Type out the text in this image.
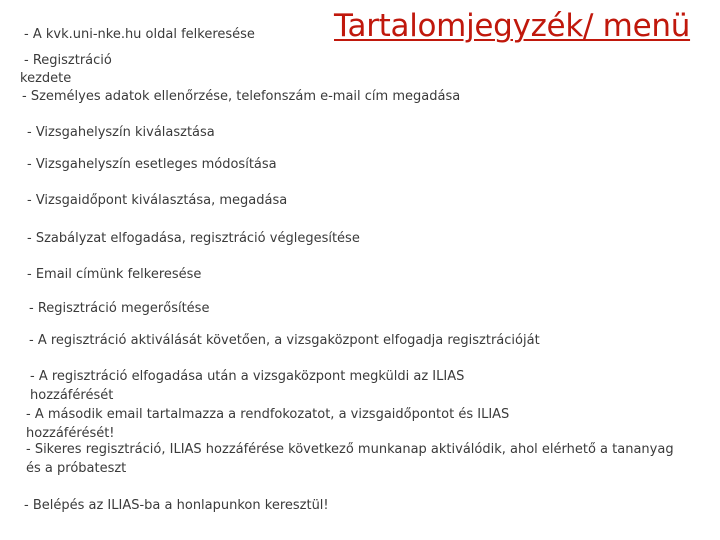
Tartalomjegyzék/ menü
- A kvk.uni-nke.hu oldal felkeresése
- Regisztráció
kezdete
- Személyes adatok ellenőrzése, telefonszám e-mail cím megadása
- Vizsgahelyszín kiválasztása
- Vizsgahelyszín esetleges módosítása
- Vizsgaidőpont kiválasztása, megadása
- Szabályzat elfogadása, regisztráció véglegesítése
- Email címünk felkeresése
- Regisztráció megerősítése
- A regisztráció aktiválását követően, a vizsgaközpont elfogadja regisztrációját
- A regisztráció elfogadása után a vizsgaközpont megküldi az ILIAS
hozzáférését
- A második email tartalmazza a rendfokozatot, a vizsgaidőpontot és ILIAS
hozzáférését!
- Sikeres regisztráció, ILIAS hozzáférése következő munkanap aktiválódik, ahol elérhető a tananyag
és a próbateszt
- Belépés az ILIAS-ba a honlapunkon keresztül!
